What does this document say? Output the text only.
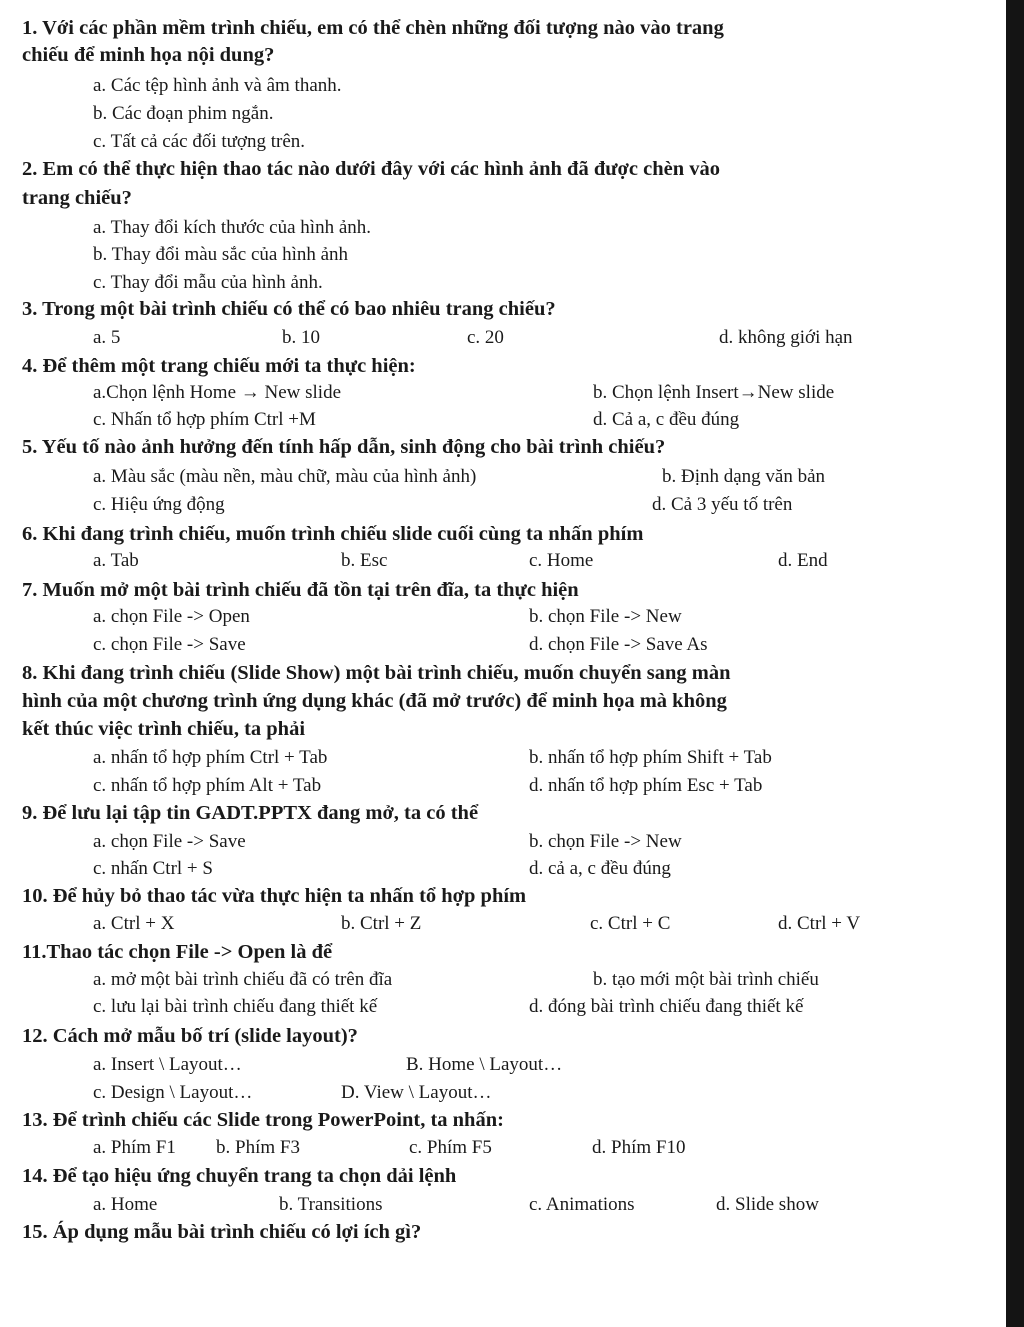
1. Với các phần mềm trình chiếu, em có thể chèn những đối tượng nào vào trang
chiếu để minh họa nội dung?
a. Các tệp hình ảnh và âm thanh.
b. Các đoạn phim ngắn.
c. Tất cả các đối tượng trên.
2. Em có thể thực hiện thao tác nào dưới đây với các hình ảnh đã được chèn vào
trang chiếu?
a. Thay đổi kích thước của hình ảnh.
b. Thay đổi màu sắc của hình ảnh
c. Thay đổi mẫu của hình ảnh.
3. Trong một bài trình chiếu có thể có bao nhiêu trang chiếu?
a. 5	b. 10	c. 20	d. không giới hạn
4. Để thêm một trang chiếu mới ta thực hiện:
a.Chọn lệnh Home → New slide	b. Chọn lệnh Insert→New slide
c. Nhấn tổ hợp phím Ctrl +M	d. Cả a, c đều đúng
5. Yếu tố nào ảnh hưởng đến tính hấp dẫn, sinh động cho bài trình chiếu?
a. Màu sắc (màu nền, màu chữ, màu của hình ảnh)	b. Định dạng văn bản
c. Hiệu ứng động	d. Cả 3 yếu tố trên
6. Khi đang trình chiếu, muốn trình chiếu slide cuối cùng ta nhấn phím
a. Tab	b. Esc	c. Home	d. End
7. Muốn mở một bài trình chiếu đã tồn tại trên đĩa, ta thực hiện
a. chọn File -> Open	b. chọn File -> New
c. chọn File -> Save	d. chọn File -> Save As
8. Khi đang trình chiếu (Slide Show) một bài trình chiếu, muốn chuyển sang màn
hình của một chương trình ứng dụng khác (đã mở trước) để minh họa mà không
kết thúc việc trình chiếu, ta phải
a. nhấn tổ hợp phím Ctrl + Tab	b. nhấn tổ hợp phím Shift + Tab
c. nhấn tổ hợp phím Alt + Tab	d. nhấn tổ hợp phím Esc + Tab
9. Để lưu lại tập tin GADT.PPTX đang mở, ta có thể
a. chọn File -> Save	b. chọn File -> New
c. nhấn Ctrl + S	d. cả a, c đều đúng
10. Để hủy bỏ thao tác vừa thực hiện ta nhấn tổ hợp phím
a. Ctrl + X	b. Ctrl + Z	c. Ctrl + C	d. Ctrl + V
11.Thao tác chọn File -> Open là để
a. mở một bài trình chiếu đã có trên đĩa	b. tạo mới một bài trình chiếu
c. lưu lại bài trình chiếu đang thiết kế	d. đóng bài trình chiếu đang thiết kế
12. Cách mở mẫu bố trí (slide layout)?
a. Insert \ Layout…	B. Home \ Layout…
c. Design \ Layout…	D. View \ Layout…
13. Để trình chiếu các Slide trong PowerPoint, ta nhấn:
a. Phím F1 b. Phím F3	c. Phím F5	d. Phím F10
14. Để tạo hiệu ứng chuyển trang ta chọn dải lệnh
a. Home	b. Transitions	c. Animations	d. Slide show
15. Áp dụng mẫu bài trình chiếu có lợi ích gì?
